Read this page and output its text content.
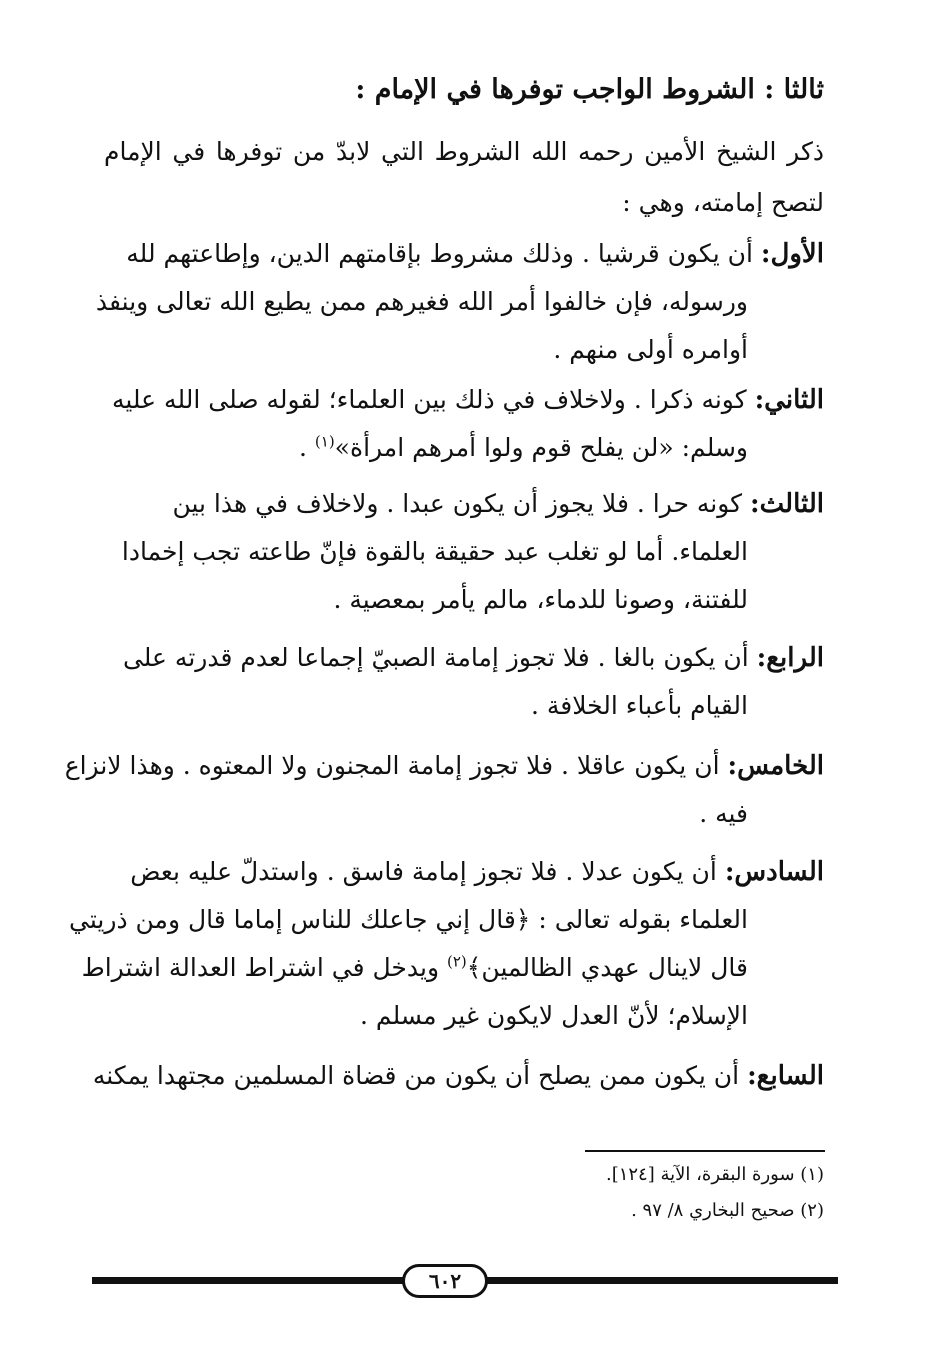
ثالثا : الشروط الواجب توفرها في الإمام :

ذكر الشيخ الأمين رحمه الله الشروط التي لابدّ من توفرها في الإمام لتصح إمامته، وهي :

الأول: أن يكون قرشيا . وذلك مشروط بإقامتهم الدين، وإطاعتهم لله
ورسوله، فإن خالفوا أمر الله فغيرهم ممن يطيع الله تعالى وينفذ
أوامره أولى منهم .
الثاني: كونه ذكرا . ولاخلاف في ذلك بين العلماء؛ لقوله صلى الله عليه
وسلم: «لن يفلح قوم ولوا أمرهم امرأة»$^{(١)}$ .
الثالث: كونه حرا . فلا يجوز أن يكون عبدا . ولاخلاف في هذا بين
العلماء. أما لو تغلب عبد حقيقة بالقوة فإنّ طاعته تجب إخمادا
للفتنة، وصونا للدماء، مالم يأمر بمعصية .
الرابع: أن يكون بالغا . فلا تجوز إمامة الصبيّ إجماعا لعدم قدرته على
القيام بأعباء الخلافة .
الخامس: أن يكون عاقلا . فلا تجوز إمامة المجنون ولا المعتوه . وهذا لانزاع
فيه .
السادس: أن يكون عدلا . فلا تجوز إمامة فاسق . واستدلّ عليه بعض
العلماء بقوله تعالى : ﴿قال إني جاعلك للناس إماما قال ومن ذريتي
قال لاينال عهدي الظالمين﴾$^{(٢)}$ ويدخل في اشتراط العدالة اشتراط
الإسلام؛ لأنّ العدل لايكون غير مسلم .
السابع: أن يكون ممن يصلح أن يكون من قضاة المسلمين مجتهدا يمكنه
(١) سورة البقرة، الآية [١٢٤].
(٢) صحيح البخاري ٨/ ٩٧ .
٦٠٢
